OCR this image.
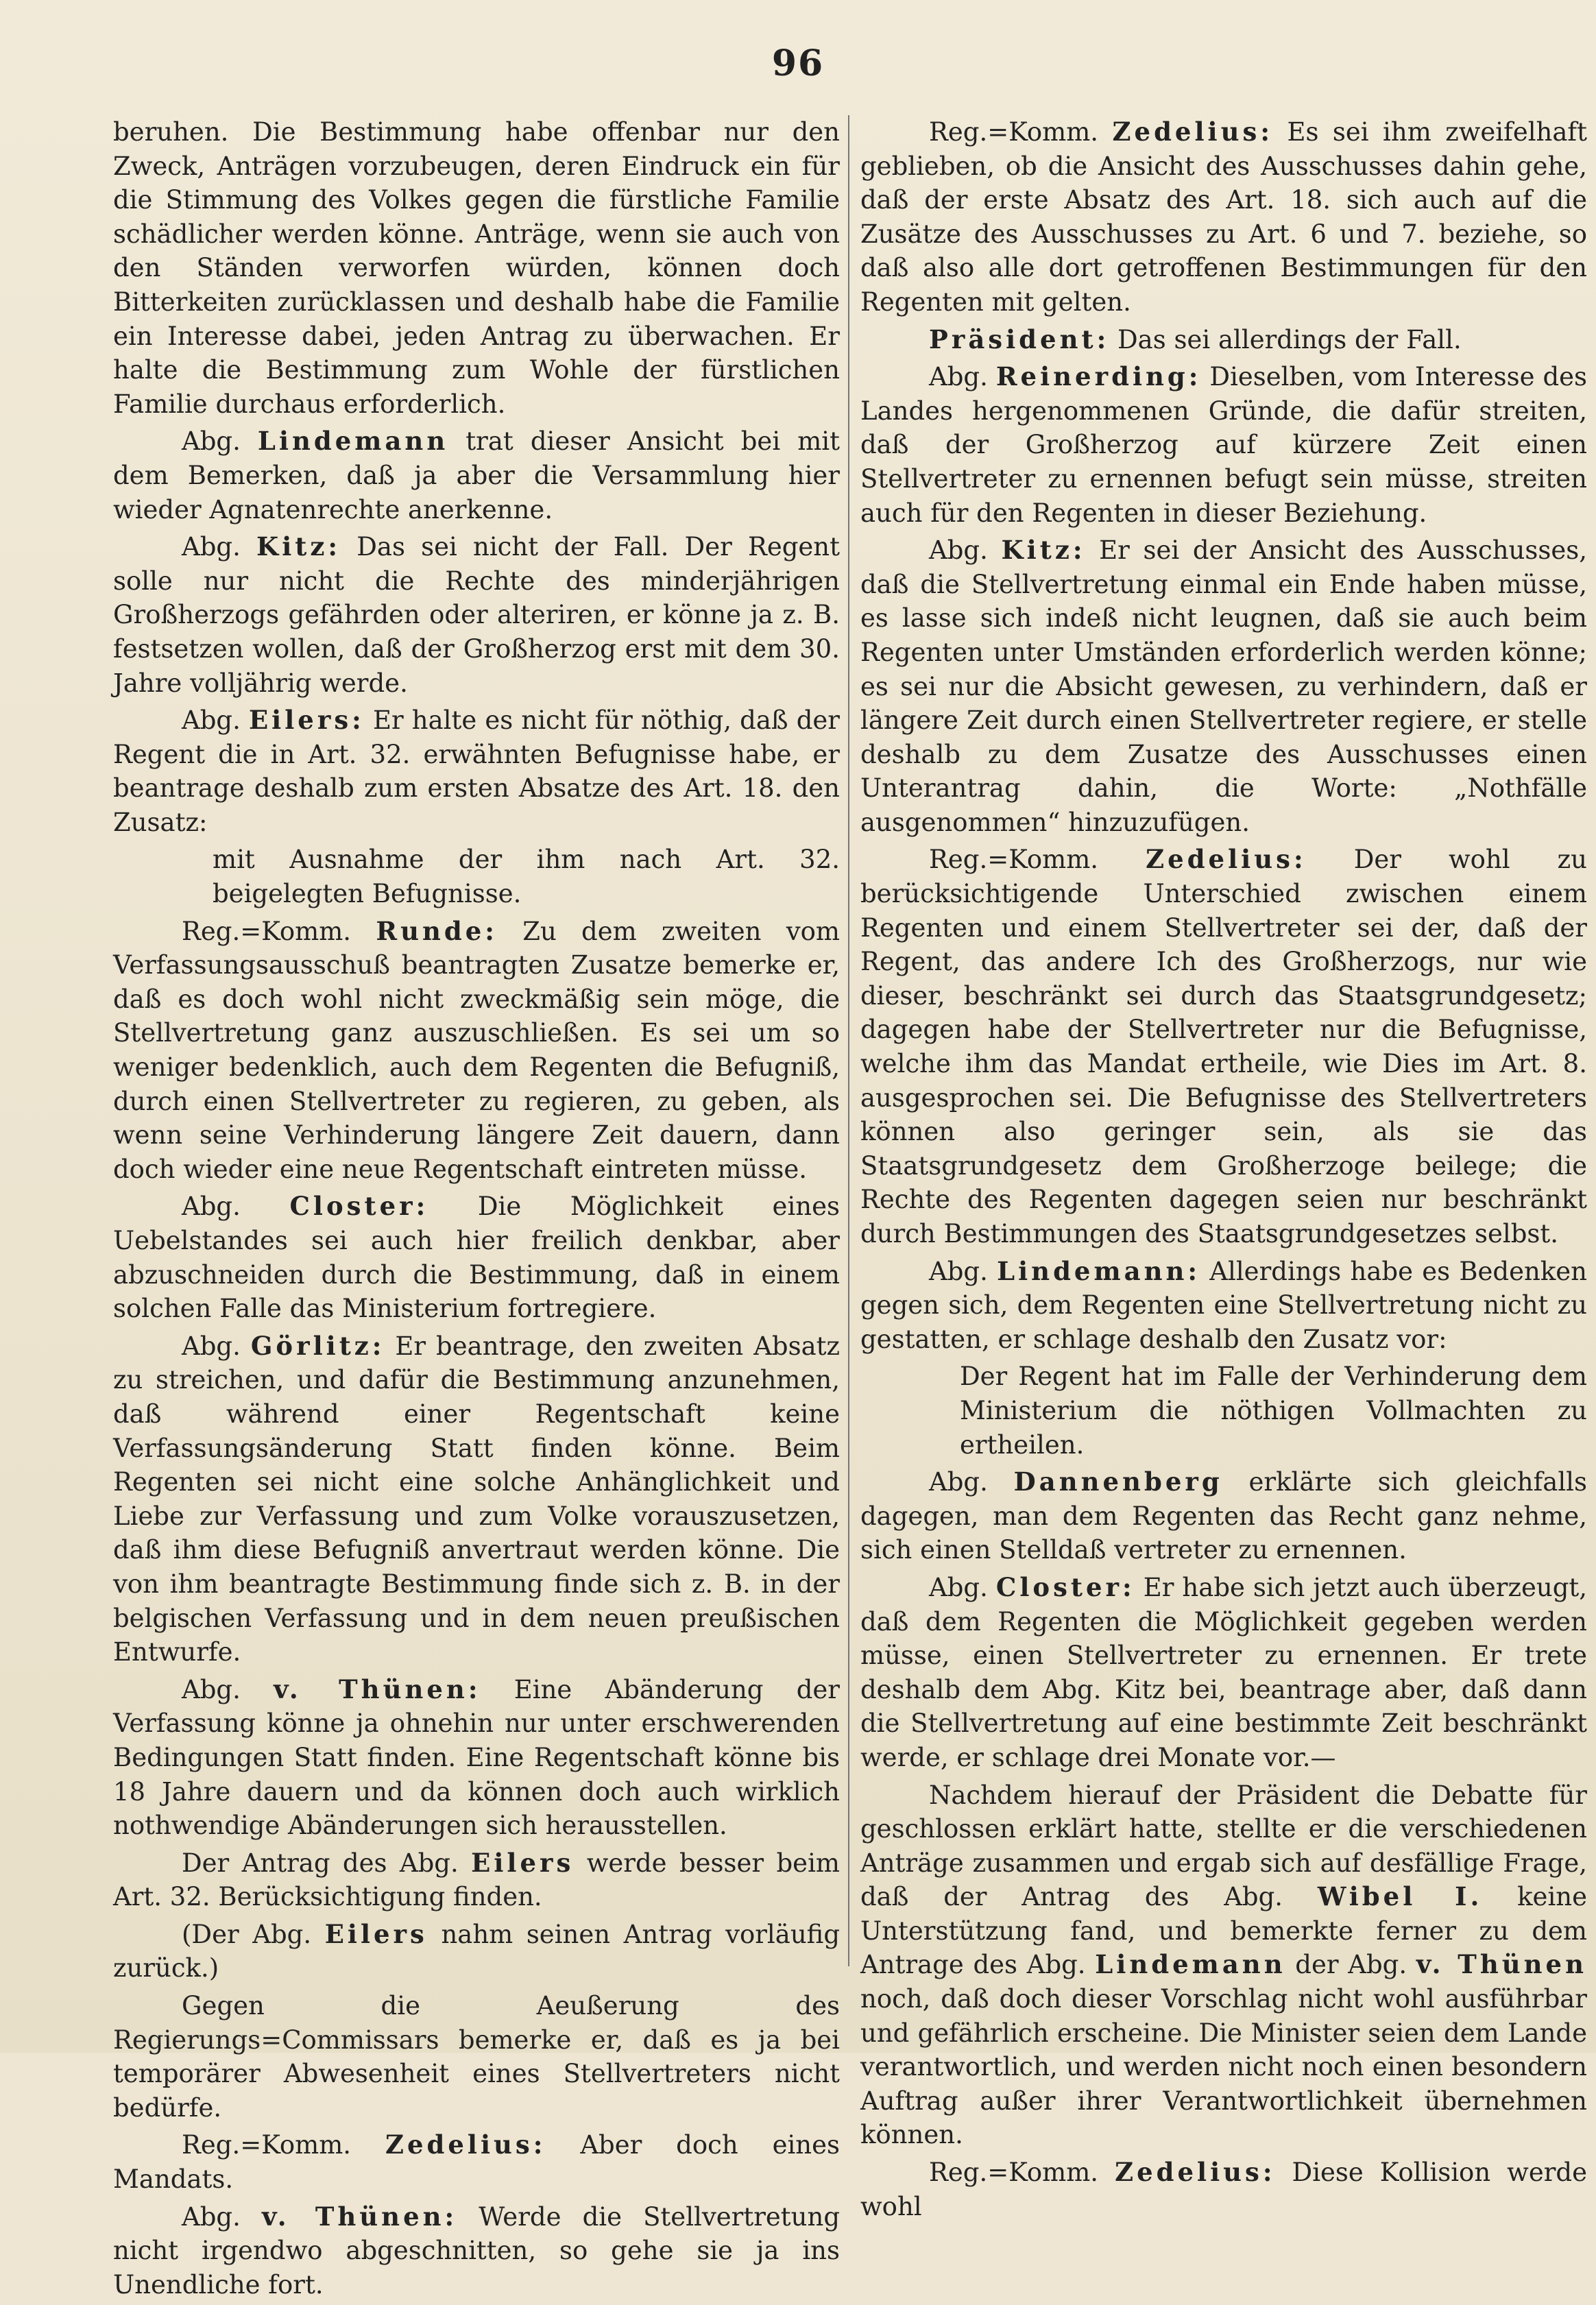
96

beruhen. Die Bestimmung habe offenbar nur den Zweck, Anträgen vorzubeugen, deren Eindruck ein für die Stimmung des Volkes gegen die fürstliche Familie schädlicher werden könne. Anträge, wenn sie auch von den Ständen verworfen würden, können doch Bitterkeiten zurücklassen und deshalb habe die Familie ein Interesse dabei, jeden Antrag zu überwachen. Er halte die Bestimmung zum Wohle der fürstlichen Familie durchaus erforderlich.

Abg. Lindemann trat dieser Ansicht bei mit dem Bemerken, daß ja aber die Versammlung hier wieder Agnatenrechte anerkenne.

Abg. Kitz: Das sei nicht der Fall. Der Regent solle nur nicht die Rechte des minderjährigen Großherzogs gefährden oder alteriren, er könne ja z. B. festsetzen wollen, daß der Großherzog erst mit dem 30. Jahre volljährig werde.

Abg. Eilers: Er halte es nicht für nöthig, daß der Regent die in Art. 32. erwähnten Befugnisse habe, er beantrage deshalb zum ersten Absatze des Art. 18. den Zusatz:

mit Ausnahme der ihm nach Art. 32. beigelegten Befugnisse.

Reg.=Komm. Runde: Zu dem zweiten vom Verfassungsausschuß beantragten Zusatze bemerke er, daß es doch wohl nicht zweckmäßig sein möge, die Stellvertretung ganz auszuschließen. Es sei um so weniger bedenklich, auch dem Regenten die Befugniß, durch einen Stellvertreter zu regieren, zu geben, als wenn seine Verhinderung längere Zeit dauern, dann doch wieder eine neue Regentschaft eintreten müsse.

Abg. Closter: Die Möglichkeit eines Uebelstandes sei auch hier freilich denkbar, aber abzuschneiden durch die Bestimmung, daß in einem solchen Falle das Ministerium fortregiere.

Abg. Görlitz: Er beantrage, den zweiten Absatz zu streichen, und dafür die Bestimmung anzunehmen, daß während einer Regentschaft keine Verfassungsänderung Statt finden könne. Beim Regenten sei nicht eine solche Anhänglichkeit und Liebe zur Verfassung und zum Volke vorauszusetzen, daß ihm diese Befugniß anvertraut werden könne. Die von ihm beantragte Bestimmung finde sich z. B. in der belgischen Verfassung und in dem neuen preußischen Entwurfe.

Abg. v. Thünen: Eine Abänderung der Verfassung könne ja ohnehin nur unter erschwerenden Bedingungen Statt finden. Eine Regentschaft könne bis 18 Jahre dauern und da können doch auch wirklich nothwendige Abänderungen sich herausstellen.

Der Antrag des Abg. Eilers werde besser beim Art. 32. Berücksichtigung finden.

(Der Abg. Eilers nahm seinen Antrag vorläufig zurück.)

Gegen die Aeußerung des Regierungs=Commissars bemerke er, daß es ja bei temporärer Abwesenheit eines Stellvertreters nicht bedürfe.

Reg.=Komm. Zedelius: Aber doch eines Mandats.

Abg. v. Thünen: Werde die Stellvertretung nicht irgendwo abgeschnitten, so gehe sie ja ins Unendliche fort.

Reg.=Komm. Zedelius: Es sei ihm zweifelhaft geblieben, ob die Ansicht des Ausschusses dahin gehe, daß der erste Absatz des Art. 18. sich auch auf die Zusätze des Ausschusses zu Art. 6 und 7. beziehe, so daß also alle dort getroffenen Bestimmungen für den Regenten mit gelten.

Präsident: Das sei allerdings der Fall.

Abg. Reinerding: Dieselben, vom Interesse des Landes hergenommenen Gründe, die dafür streiten, daß der Großherzog auf kürzere Zeit einen Stellvertreter zu ernennen befugt sein müsse, streiten auch für den Regenten in dieser Beziehung.

Abg. Kitz: Er sei der Ansicht des Ausschusses, daß die Stellvertretung einmal ein Ende haben müsse, es lasse sich indeß nicht leugnen, daß sie auch beim Regenten unter Umständen erforderlich werden könne; es sei nur die Absicht gewesen, zu verhindern, daß er längere Zeit durch einen Stellvertreter regiere, er stelle deshalb zu dem Zusatze des Ausschusses einen Unterantrag dahin, die Worte: „Nothfälle ausgenommen“ hinzuzufügen.

Reg.=Komm. Zedelius: Der wohl zu berücksichtigende Unterschied zwischen einem Regenten und einem Stellvertreter sei der, daß der Regent, das andere Ich des Großherzogs, nur wie dieser, beschränkt sei durch das Staatsgrundgesetz; dagegen habe der Stellvertreter nur die Befugnisse, welche ihm das Mandat ertheile, wie Dies im Art. 8. ausgesprochen sei. Die Befugnisse des Stellvertreters können also geringer sein, als sie das Staatsgrundgesetz dem Großherzoge beilege; die Rechte des Regenten dagegen seien nur beschränkt durch Bestimmungen des Staatsgrundgesetzes selbst.

Abg. Lindemann: Allerdings habe es Bedenken gegen sich, dem Regenten eine Stellvertretung nicht zu gestatten, er schlage deshalb den Zusatz vor:

Der Regent hat im Falle der Verhinderung dem Ministerium die nöthigen Vollmachten zu ertheilen.

Abg. Dannenberg erklärte sich gleichfalls dagegen, man dem Regenten das Recht ganz nehme, sich einen Stelldaß vertreter zu ernennen.

Abg. Closter: Er habe sich jetzt auch überzeugt, daß dem Regenten die Möglichkeit gegeben werden müsse, einen Stellvertreter zu ernennen. Er trete deshalb dem Abg. Kitz bei, beantrage aber, daß dann die Stellvertretung auf eine bestimmte Zeit beschränkt werde, er schlage drei Monate vor.—

Nachdem hierauf der Präsident die Debatte für geschlossen erklärt hatte, stellte er die verschiedenen Anträge zusammen und ergab sich auf desfällige Frage, daß der Antrag des Abg. Wibel I. keine Unterstützung fand, und bemerkte ferner zu dem Antrage des Abg. Lindemann der Abg. v. Thünen noch, daß doch dieser Vorschlag nicht wohl ausführbar und gefährlich erscheine. Die Minister seien dem Lande verantwortlich, und werden nicht noch einen besondern Auftrag außer ihrer Verantwortlichkeit übernehmen können.

Reg.=Komm. Zedelius: Diese Kollision werde wohl
